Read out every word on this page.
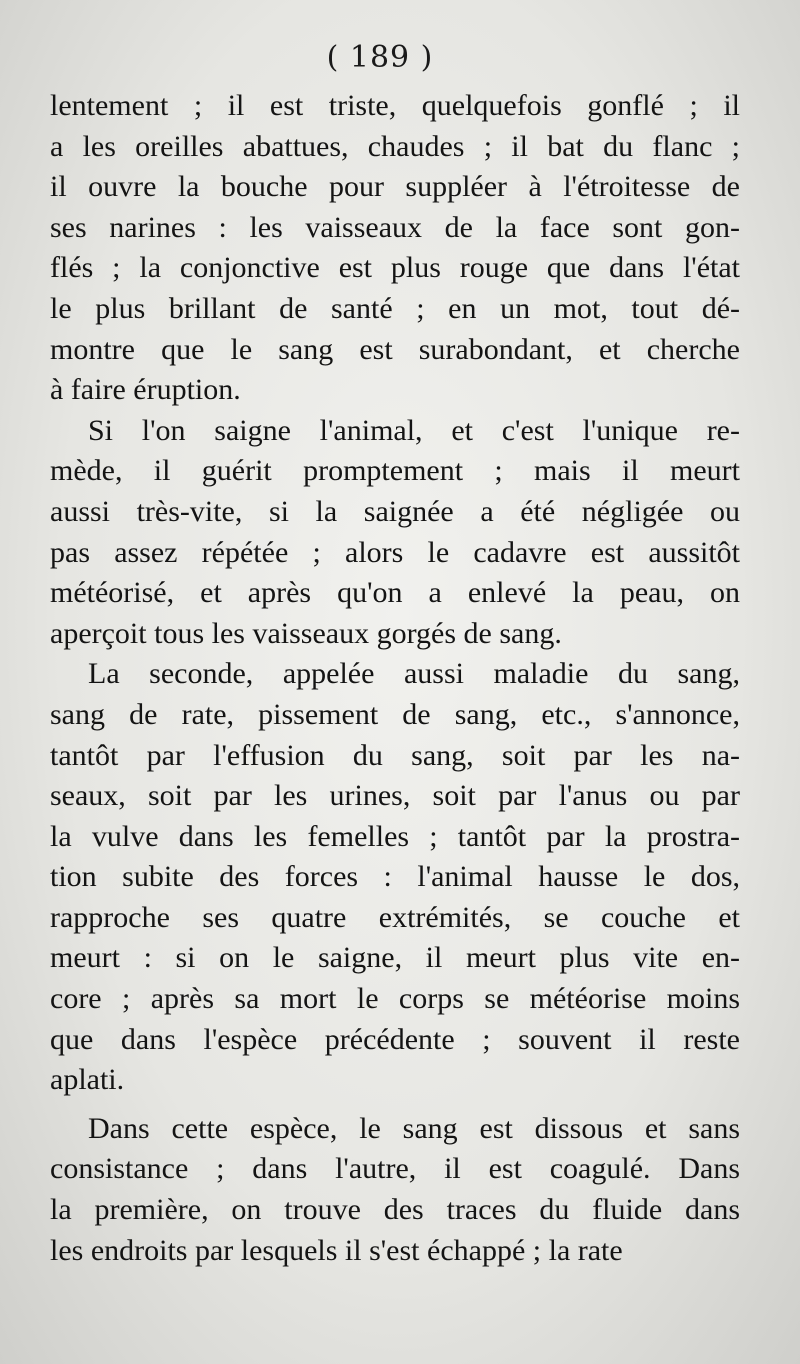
( 189 )
lentement ; il est triste, quelquefois gonflé ; il
a les oreilles abattues, chaudes ; il bat du flanc ;
il ouvre la bouche pour suppléer à l'étroitesse de
ses narines : les vaisseaux de la face sont gon-
flés ; la conjonctive est plus rouge que dans l'état
le plus brillant de santé ; en un mot, tout dé-
montre que le sang est surabondant, et cherche
à faire éruption.
Si l'on saigne l'animal, et c'est l'unique re-
mède, il guérit promptement ; mais il meurt
aussi très-vite, si la saignée a été négligée ou
pas assez répétée ; alors le cadavre est aussitôt
météorisé, et après qu'on a enlevé la peau, on
aperçoit tous les vaisseaux gorgés de sang.
La seconde, appelée aussi maladie du sang,
sang de rate, pissement de sang, etc., s'annonce,
tantôt par l'effusion du sang, soit par les na-
seaux, soit par les urines, soit par l'anus ou par
la vulve dans les femelles ; tantôt par la prostra-
tion subite des forces : l'animal hausse le dos,
rapproche ses quatre extrémités, se couche et
meurt : si on le saigne, il meurt plus vite en-
core ; après sa mort le corps se météorise moins
que dans l'espèce précédente ; souvent il reste
aplati.
Dans cette espèce, le sang est dissous et sans
consistance ; dans l'autre, il est coagulé. Dans
la première, on trouve des traces du fluide dans
les endroits par lesquels il s'est échappé ; la rate
